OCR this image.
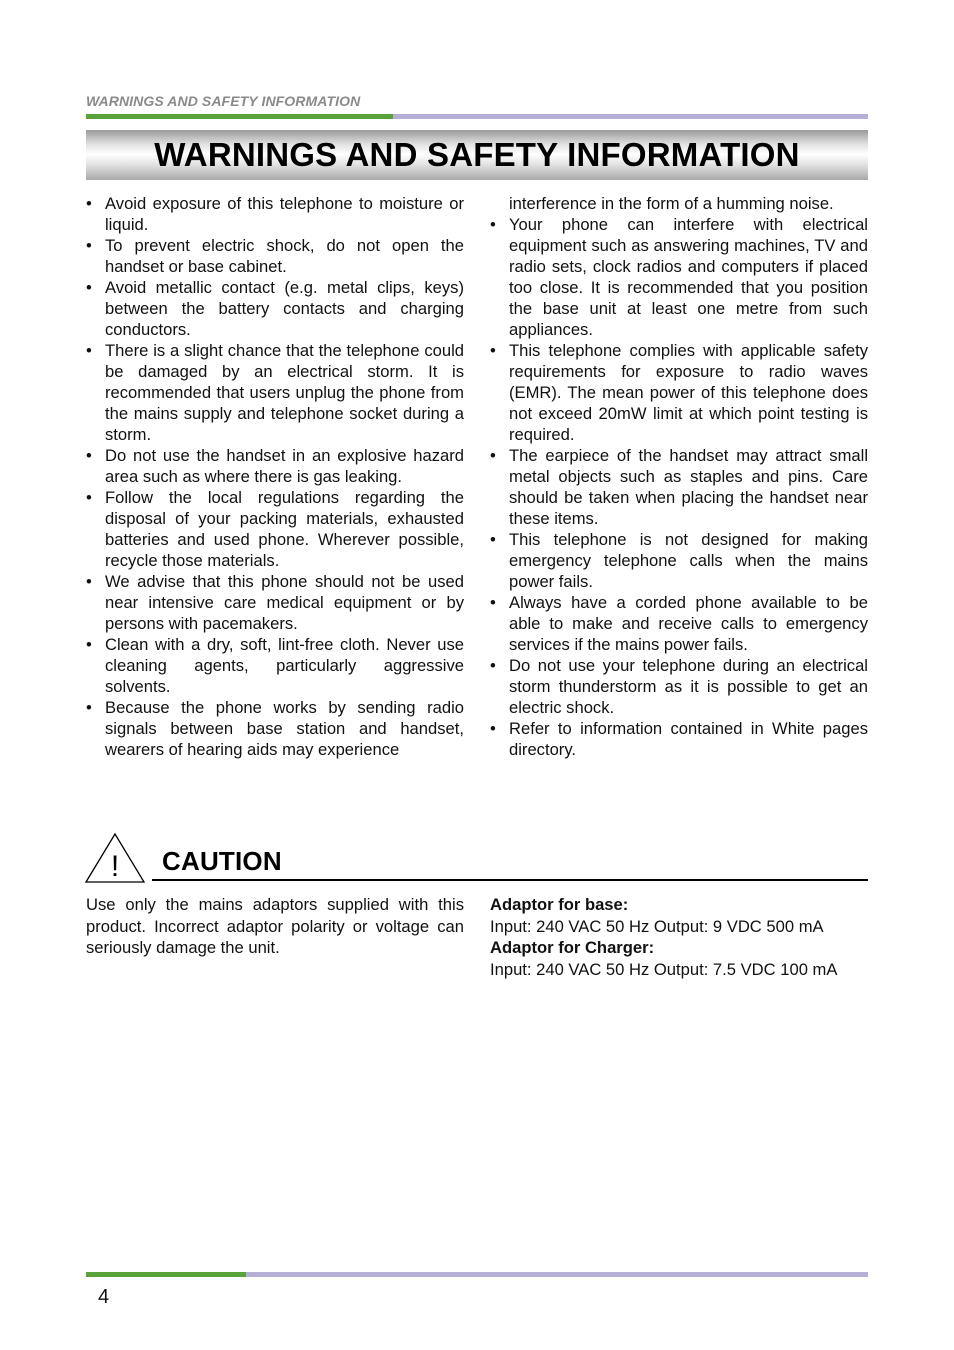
WARNINGS AND SAFETY INFORMATION
WARNINGS AND SAFETY INFORMATION
• Avoid exposure of this telephone to moisture or liquid.
• To prevent electric shock, do not open the handset or base cabinet.
• Avoid metallic contact (e.g. metal clips, keys) between the battery contacts and charging conductors.
• There is a slight chance that the telephone could be damaged by an electrical storm. It is recommended that users unplug the phone from the mains supply and telephone socket during a storm.
• Do not use the handset in an explosive hazard area such as where there is gas leaking.
• Follow the local regulations regarding the disposal of your packing materials, exhausted batteries and used phone. Wherever possible, recycle those materials.
• We advise that this phone should not be used near intensive care medical equipment or by persons with pacemakers.
• Clean with a dry, soft, lint-free cloth. Never use cleaning agents, particularly aggressive solvents.
• Because the phone works by sending radio signals between base station and handset, wearers of hearing aids may experience

interference in the form of a humming noise.

• Your phone can interfere with electrical equipment such as answering machines, TV and radio sets, clock radios and computers if placed too close. It is recommended that you position the base unit at least one metre from such appliances.
• This telephone complies with applicable safety requirements for exposure to radio waves (EMR). The mean power of this telephone does not exceed 20mW limit at which point testing is required.
• The earpiece of the handset may attract small metal objects such as staples and pins. Care should be taken when placing the handset near these items.
• This telephone is not designed for making emergency telephone calls when the mains power fails.
• Always have a corded phone available to be able to make and receive calls to emergency services if the mains power fails.
• Do not use your telephone during an electrical storm thunderstorm as it is possible to get an electric shock.
• Refer to information contained in White pages directory.
! CAUTION

Use only the mains adaptors supplied with this product. Incorrect adaptor polarity or voltage can seriously damage the unit.

Adaptor for base:
Input: 240 VAC 50 Hz Output: 9 VDC 500 mA
Adaptor for Charger:
Input: 240 VAC 50 Hz Output: 7.5 VDC 100 mA
4
